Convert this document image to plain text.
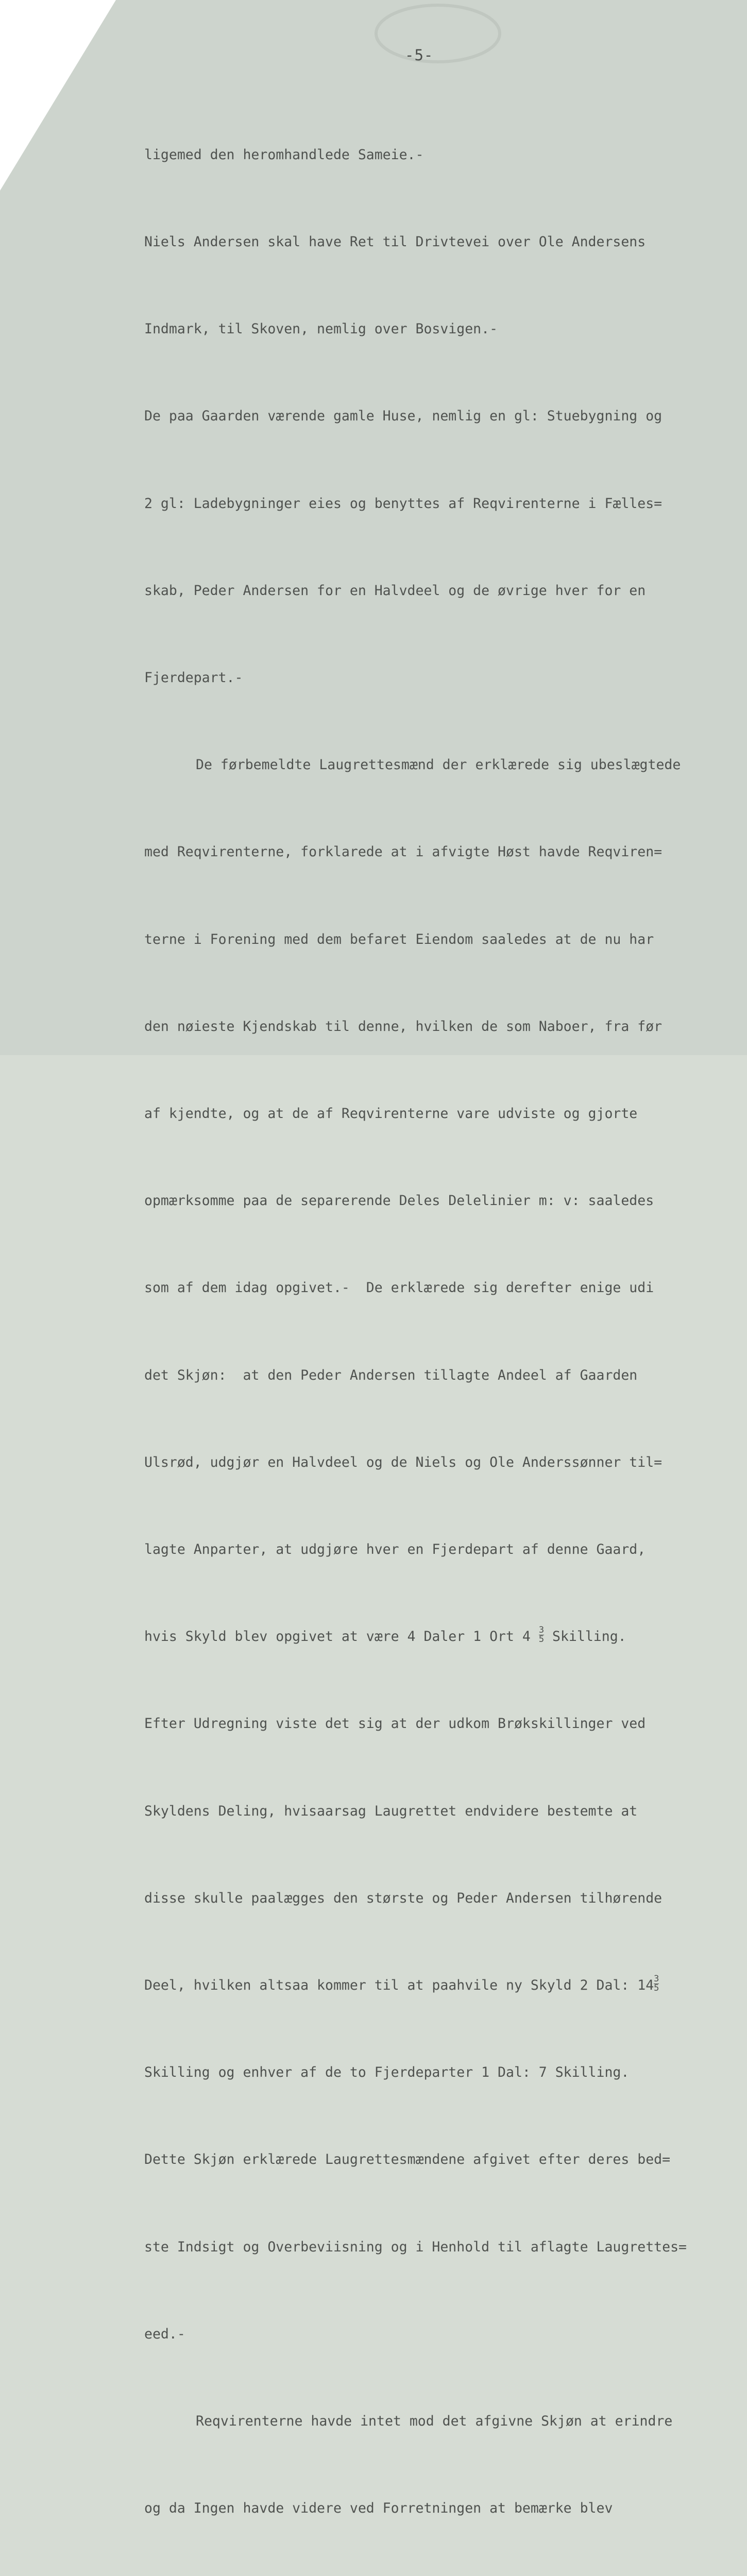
-5-

ligemed den heromhandlede Sameie.-

Niels Andersen skal have Ret til Drivtevei over Ole Andersens

Indmark, til Skoven, nemlig over Bosvigen.-

De paa Gaarden værende gamle Huse, nemlig en gl: Stuebygning og

2 gl: Ladebygninger eies og benyttes af Reqvirenterne i Fælles=

skab, Peder Andersen for en Halvdeel og de øvrige hver for en

Fjerdepart.-

De førbemeldte Laugrettesmænd der erklærede sig ubeslægtede

med Reqvirenterne, forklarede at i afvigte Høst havde Reqviren=

terne i Forening med dem befaret Eiendom saaledes at de nu har

den nøieste Kjendskab til denne, hvilken de som Naboer, fra før

af kjendte, og at de af Reqvirenterne vare udviste og gjorte

opmærksomme paa de separerende Deles Delelinier m: v: saaledes

som af dem idag opgivet.-  De erklærede sig derefter enige udi

det Skjøn:  at den Peder Andersen tillagte Andeel af Gaarden

Ulsrød, udgjør en Halvdeel og de Niels og Ole Anderssønner til=

lagte Anparter, at udgjøre hver en Fjerdepart af denne Gaard,

hvis Skyld blev opgivet at være 4 Daler 1 Ort $4 \frac{3}{5}$ Skilling.

Efter Udregning viste det sig at der udkom Brøkskillinger ved

Skyldens Deling, hvisaarsag Laugrettet endvidere bestemte at

disse skulle paalægges den største og Peder Andersen tilhørende

Deel, hvilken altsaa kommer til at paahvile ny Skyld 2 Dal: $14 \frac{3}{5}$

Skilling og enhver af de to Fjerdeparter 1 Dal: 7 Skilling.

Dette Skjøn erklærede Laugrettesmændene afgivet efter deres bed=

ste Indsigt og Overbeviisning og i Henhold til aflagte Laugrettes=

eed.-

Reqvirenterne havde intet mod det afgivne Skjøn at erindre

og da Ingen havde videre ved Forretningen at bemærke blev
